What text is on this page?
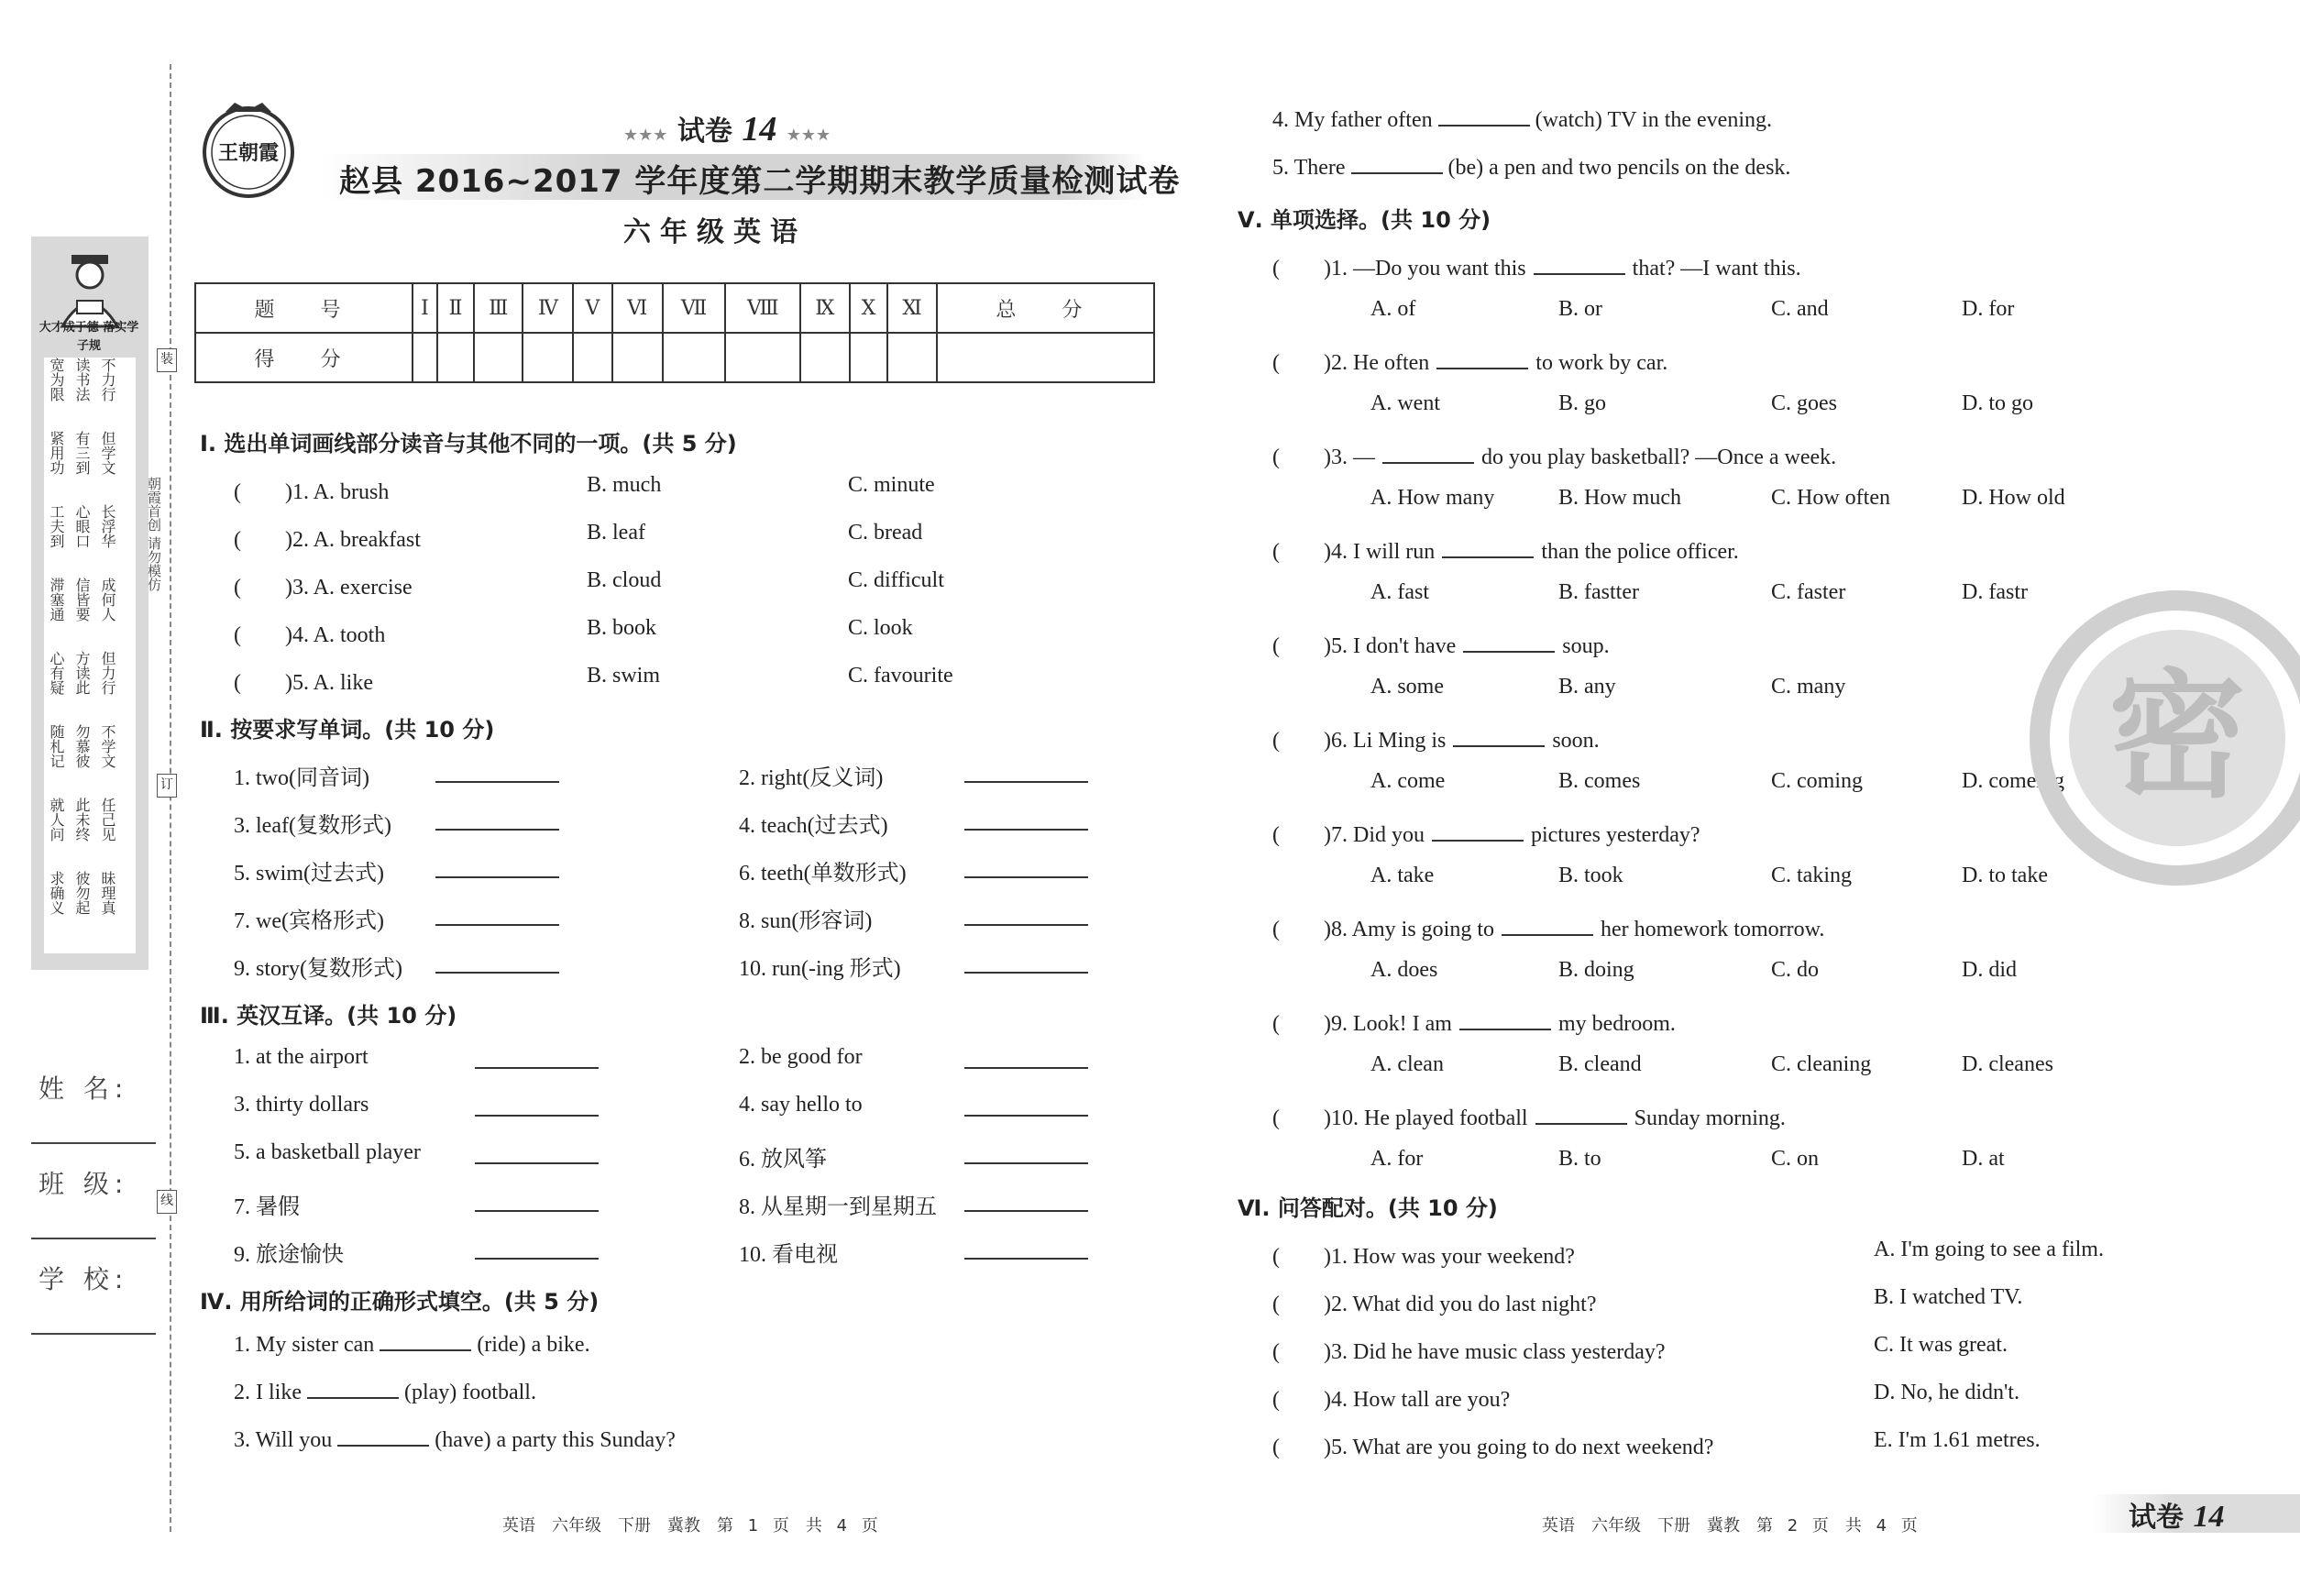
大才成于德 落实学子规
宽为限 读书法 不力行
紧用功 有三到 但学文
工夫到 心眼口 长浮华
滞塞通 信皆要 成何人
心有疑 方读此 但力行
随札记 勿慕彼 不学文
就人问 此未终 任己见
求确义 彼勿起 昧理真
姓 名:
班 级:
学 校:
朝霞首创 请勿模仿
装
订
线
王朝霞
★★★ 试卷 14 ★★★
赵县 2016~2017 学年度第二学期期末教学质量检测试卷
六年级英语
题　号	Ⅰ	Ⅱ	Ⅲ	Ⅳ	Ⅴ	Ⅵ	Ⅶ	Ⅷ	Ⅸ	Ⅹ	Ⅺ	总　分
得　分												
Ⅰ. 选出单词画线部分读音与其他不同的一项。(共 5 分)
(　　)1. A. brush	B. much	C. minute
(　　)2. A. breakfast	B. leaf	C. bread
(　　)3. A. exercise	B. cloud	C. difficult
(　　)4. A. tooth	B. book	C. look
(　　)5. A. like	B. swim	C. favourite
Ⅱ. 按要求写单词。(共 10 分)
1. two(同音词)	2. right(反义词)
3. leaf(复数形式)	4. teach(过去式)
5. swim(过去式)	6. teeth(单数形式)
7. we(宾格形式)	8. sun(形容词)
9. story(复数形式)	10. run(-ing 形式)
Ⅲ. 英汉互译。(共 10 分)
1. at the airport	2. be good for
3. thirty dollars	4. say hello to
5. a basketball player	6. 放风筝
7. 暑假	8. 从星期一到星期五
9. 旅途愉快	10. 看电视
Ⅳ. 用所给词的正确形式填空。(共 5 分)
1. My sister can	(ride) a bike.
2. I like	(play) football.
3. Will you	(have) a party this Sunday?
4. My father often	(watch) TV in the evening.
5. There	(be) a pen and two pencils on the desk.
Ⅴ. 单项选择。(共 10 分)
(　　)1. —Do you want this	that? —I want this.
A. of	B. or	C. and	D. for
(　　)2. He often	to work by car.
A. went	B. go	C. goes	D. to go
(　　)3. —	do you play basketball? —Once a week.
A. How many	B. How much	C. How often	D. How old
(　　)4. I will run	than the police officer.
A. fast	B. fastter	C. faster	D. fastr
(　　)5. I don't have	soup.
A. some	B. any	C. many
(　　)6. Li Ming is	soon.
A. come	B. comes	C. coming	D. comeing
(　　)7. Did you	pictures yesterday?
A. take	B. took	C. taking	D. to take
(　　)8. Amy is going to	her homework tomorrow.
A. does	B. doing	C. do	D. did
(　　)9. Look! I am	my bedroom.
A. clean	B. cleand	C. cleaning	D. cleanes
(　　)10. He played football	Sunday morning.
A. for	B. to	C. on	D. at
Ⅵ. 问答配对。(共 10 分)
(　　)1. How was your weekend?	A. I'm going to see a film.
(　　)2. What did you do last night?	B. I watched TV.
(　　)3. Did he have music class yesterday?	C. It was great.
(　　)4. How tall are you?	D. No, he didn't.
(　　)5. What are you going to do next weekend?	E. I'm 1.61 metres.
密
英语　六年级　下册　冀教　第 1 页　共 4 页	英语　六年级　下册　冀教　第 2 页　共 4 页	试卷 14
